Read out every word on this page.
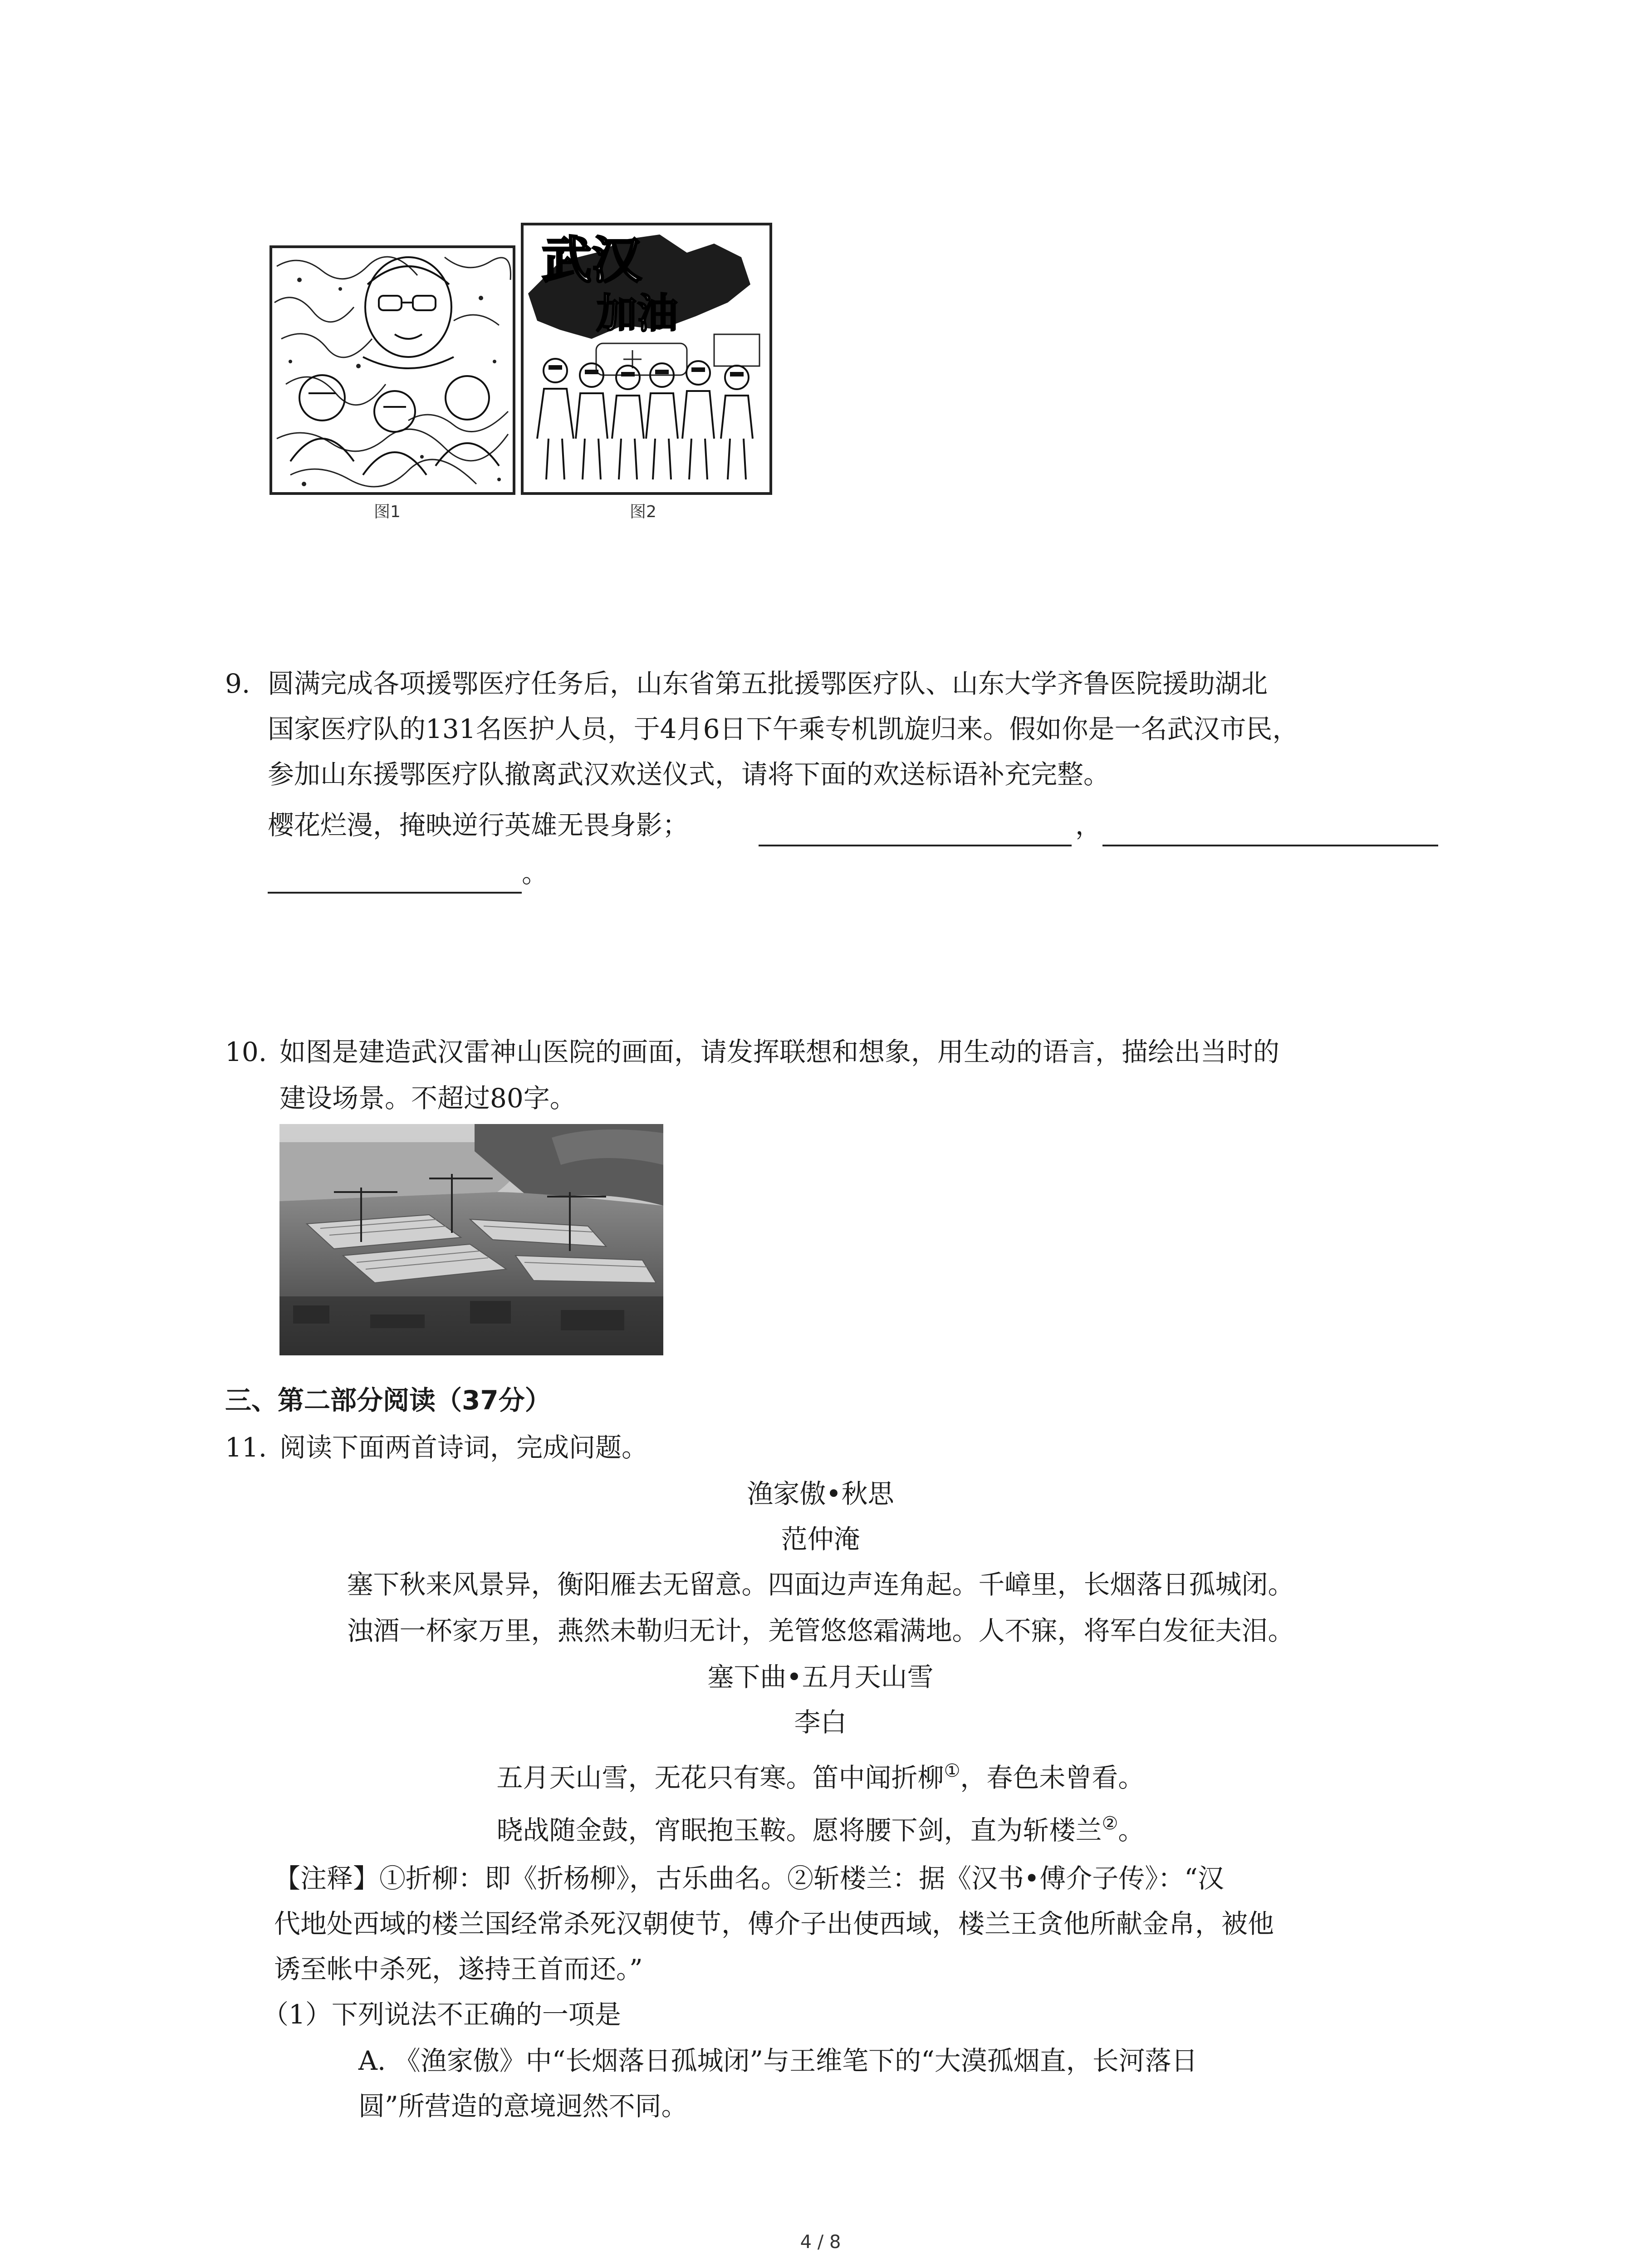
图1
武汉
加油
图2
9. 圆满完成各项援鄂医疗任务后，山东省第五批援鄂医疗队、山东大学齐鲁医院援助湖北
国家医疗队的131名医护人员，于4月6日下午乘专机凯旋归来。假如你是一名武汉市民，
参加山东援鄂医疗队撤离武汉欢送仪式，请将下面的欢送标语补充完整。
樱花烂漫，掩映逆行英雄无畏身影；	，
。
10. 如图是建造武汉雷神山医院的画面，请发挥联想和想象，用生动的语言，描绘出当时的
建设场景。不超过80字。
三、第二部分阅读（37分）
11. 阅读下面两首诗词，完成问题。
渔家傲•秋思
范仲淹
塞下秋来风景异，衡阳雁去无留意。四面边声连角起。千嶂里，长烟落日孤城闭。
浊酒一杯家万里，燕然未勒归无计，羌管悠悠霜满地。人不寐，将军白发征夫泪。
塞下曲•五月天山雪
李白
五月天山雪，无花只有寒。笛中闻折柳①，春色未曾看。
晓战随金鼓，宵眠抱玉鞍。愿将腰下剑，直为斩楼兰②。
【注释】①折柳：即《折杨柳》，古乐曲名。②斩楼兰：据《汉书•傅介子传》：“汉
代地处西域的楼兰国经常杀死汉朝使节，傅介子出使西域，楼兰王贪他所献金帛，被他
诱至帐中杀死，遂持王首而还。”
（1）下列说法不正确的一项是
A. 《渔家傲》中“长烟落日孤城闭”与王维笔下的“大漠孤烟直，长河落日
圆”所营造的意境迥然不同。
4 / 8
